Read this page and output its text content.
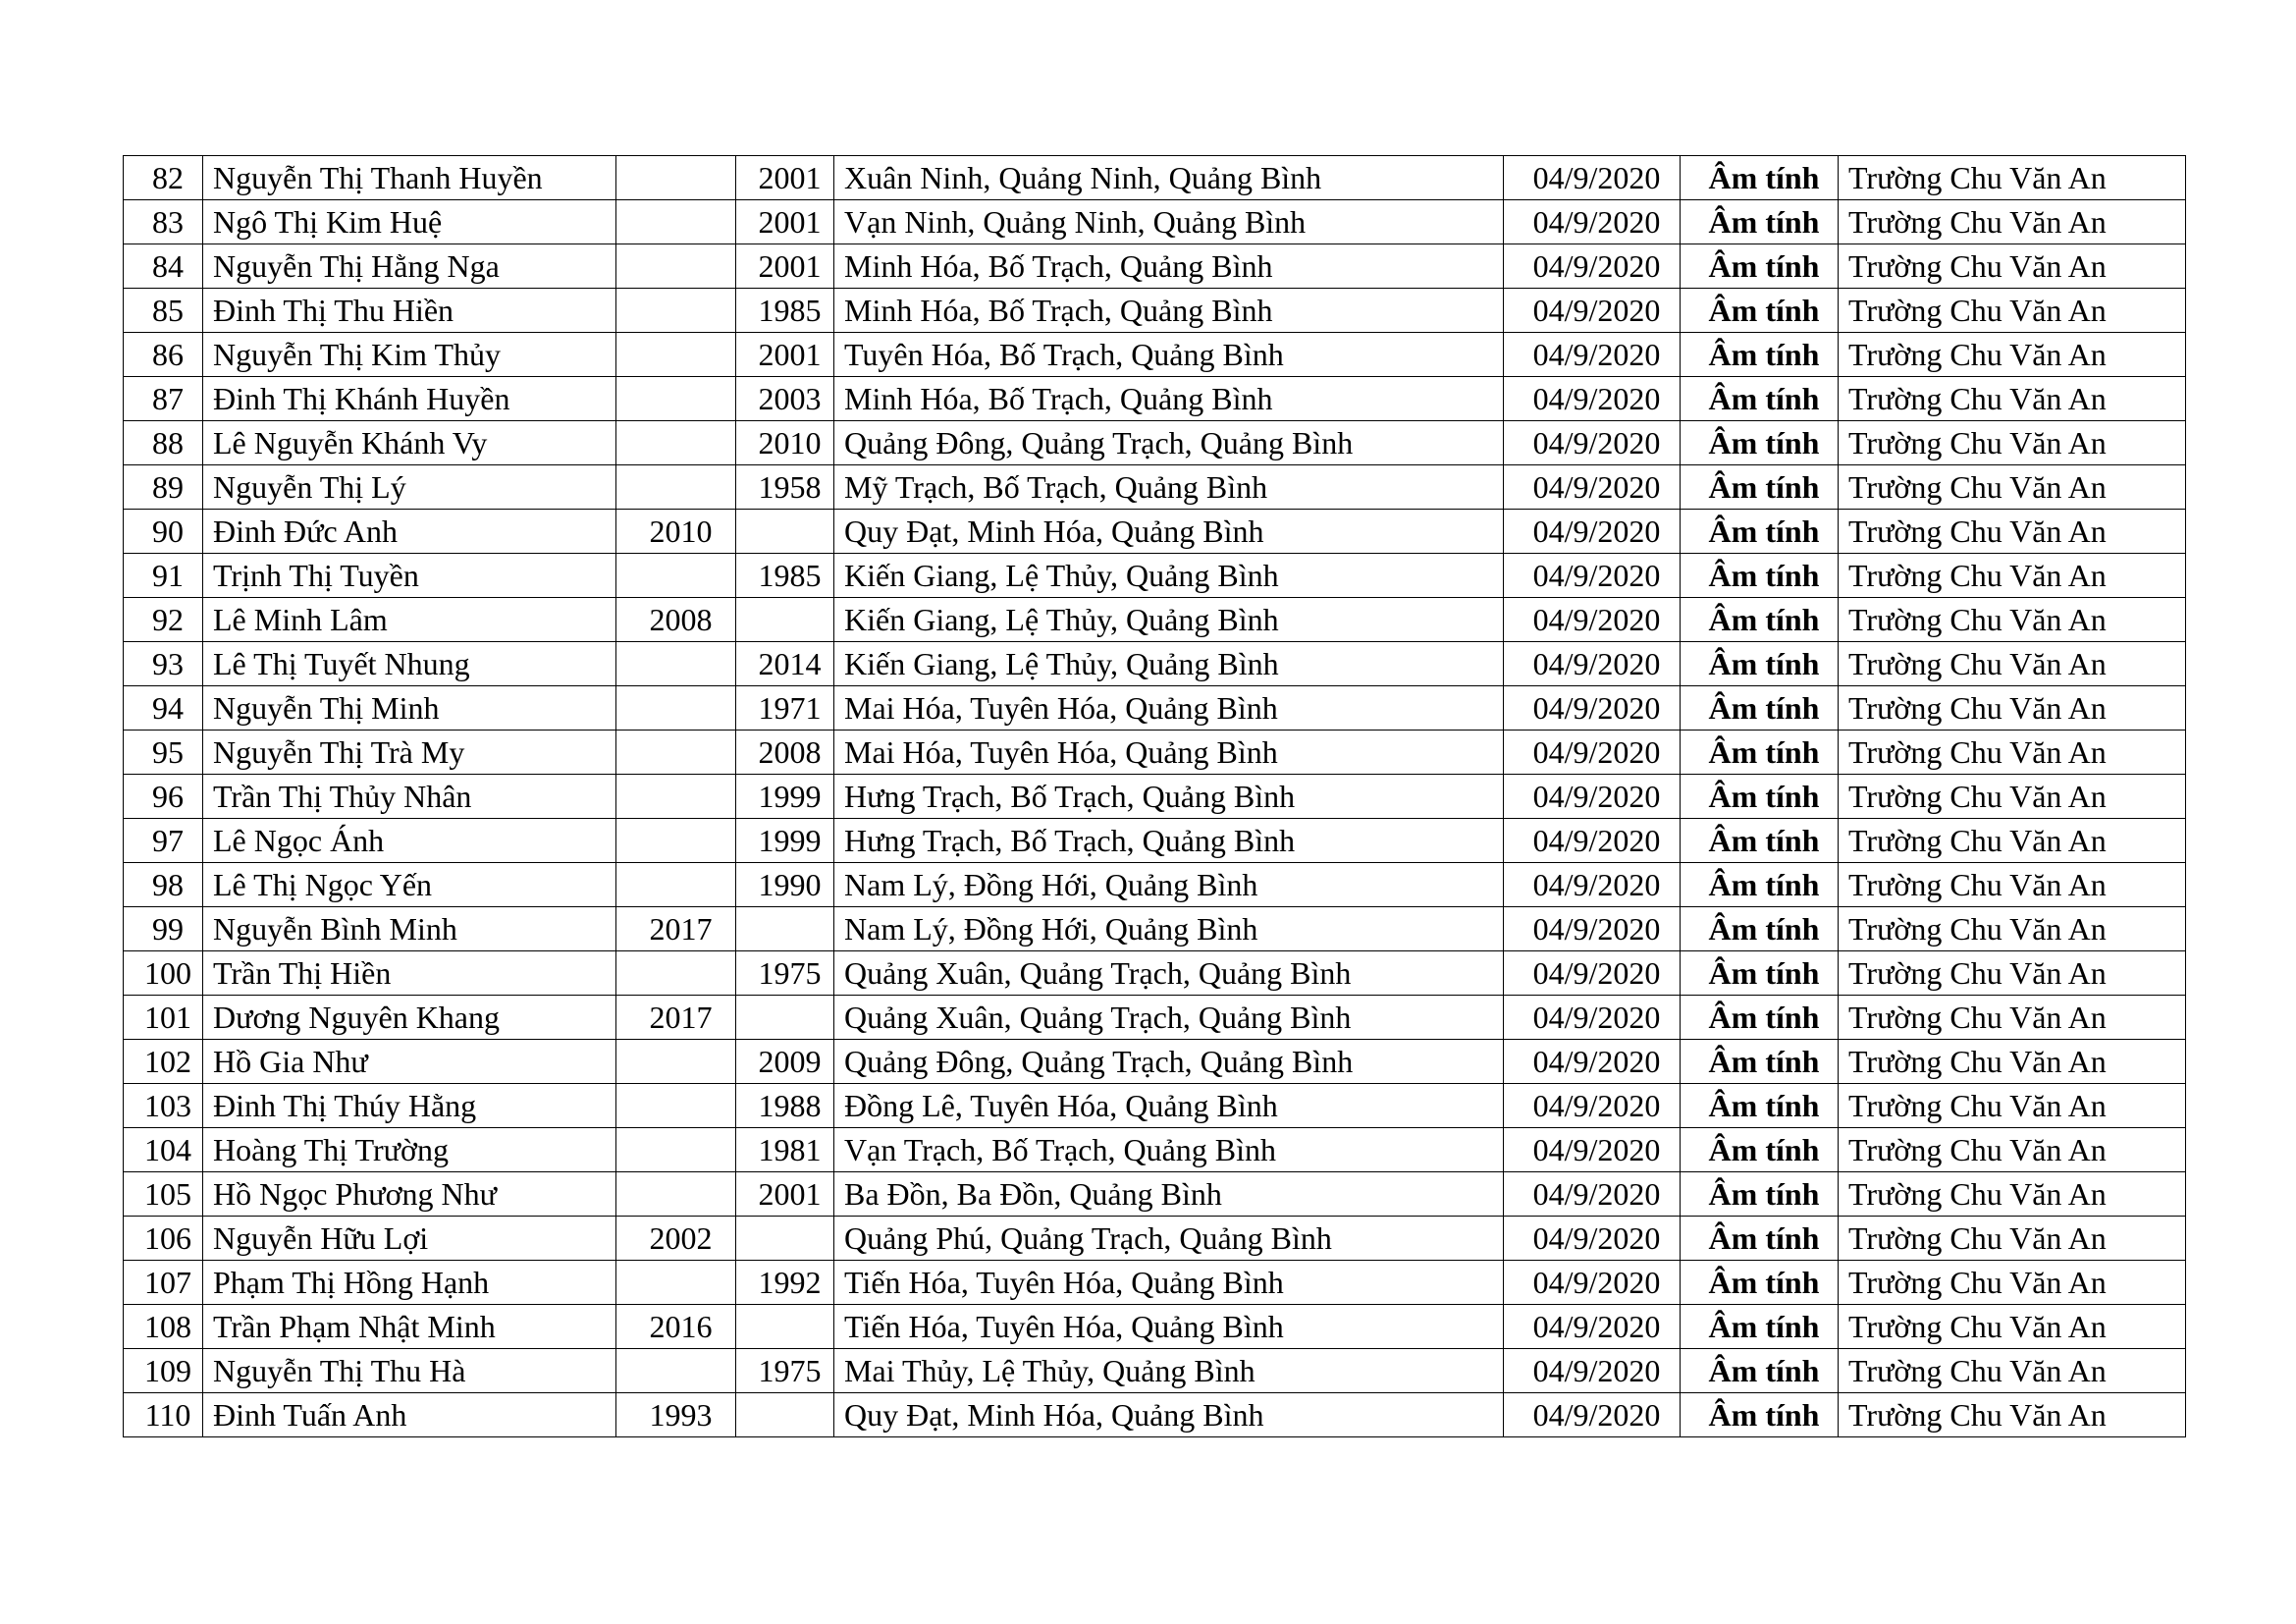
82	Nguyễn Thị Thanh Huyền		2001	Xuân Ninh, Quảng Ninh, Quảng Bình	04/9/2020	Âm tính	Trường Chu Văn An
83	Ngô Thị Kim Huệ		2001	Vạn Ninh, Quảng Ninh, Quảng Bình	04/9/2020	Âm tính	Trường Chu Văn An
84	Nguyễn Thị Hằng Nga		2001	Minh Hóa, Bố Trạch, Quảng Bình	04/9/2020	Âm tính	Trường Chu Văn An
85	Đinh Thị Thu Hiền		1985	Minh Hóa, Bố Trạch, Quảng Bình	04/9/2020	Âm tính	Trường Chu Văn An
86	Nguyễn Thị Kim Thủy		2001	Tuyên Hóa, Bố Trạch, Quảng Bình	04/9/2020	Âm tính	Trường Chu Văn An
87	Đinh Thị Khánh Huyền		2003	Minh Hóa, Bố Trạch, Quảng Bình	04/9/2020	Âm tính	Trường Chu Văn An
88	Lê Nguyễn Khánh Vy		2010	Quảng Đông, Quảng Trạch, Quảng Bình	04/9/2020	Âm tính	Trường Chu Văn An
89	Nguyễn Thị Lý		1958	Mỹ Trạch, Bố Trạch, Quảng Bình	04/9/2020	Âm tính	Trường Chu Văn An
90	Đinh Đức Anh	2010		Quy Đạt, Minh Hóa, Quảng Bình	04/9/2020	Âm tính	Trường Chu Văn An
91	Trịnh Thị Tuyền		1985	Kiến Giang, Lệ Thủy, Quảng Bình	04/9/2020	Âm tính	Trường Chu Văn An
92	Lê Minh Lâm	2008		Kiến Giang, Lệ Thủy, Quảng Bình	04/9/2020	Âm tính	Trường Chu Văn An
93	Lê Thị Tuyết Nhung		2014	Kiến Giang, Lệ Thủy, Quảng Bình	04/9/2020	Âm tính	Trường Chu Văn An
94	Nguyễn Thị Minh		1971	Mai Hóa, Tuyên Hóa, Quảng Bình	04/9/2020	Âm tính	Trường Chu Văn An
95	Nguyễn Thị Trà My		2008	Mai Hóa, Tuyên Hóa, Quảng Bình	04/9/2020	Âm tính	Trường Chu Văn An
96	Trần Thị Thủy Nhân		1999	Hưng Trạch, Bố Trạch, Quảng Bình	04/9/2020	Âm tính	Trường Chu Văn An
97	Lê Ngọc Ánh		1999	Hưng Trạch, Bố Trạch, Quảng Bình	04/9/2020	Âm tính	Trường Chu Văn An
98	Lê Thị Ngọc Yến		1990	Nam Lý, Đồng Hới, Quảng Bình	04/9/2020	Âm tính	Trường Chu Văn An
99	Nguyễn Bình Minh	2017		Nam Lý, Đồng Hới, Quảng Bình	04/9/2020	Âm tính	Trường Chu Văn An
100	Trần Thị Hiền		1975	Quảng Xuân, Quảng Trạch, Quảng Bình	04/9/2020	Âm tính	Trường Chu Văn An
101	Dương Nguyên Khang	2017		Quảng Xuân, Quảng Trạch, Quảng Bình	04/9/2020	Âm tính	Trường Chu Văn An
102	Hồ Gia Như		2009	Quảng Đông, Quảng Trạch, Quảng Bình	04/9/2020	Âm tính	Trường Chu Văn An
103	Đinh Thị Thúy Hằng		1988	Đồng Lê, Tuyên Hóa, Quảng Bình	04/9/2020	Âm tính	Trường Chu Văn An
104	Hoàng Thị Trường		1981	Vạn Trạch, Bố Trạch, Quảng Bình	04/9/2020	Âm tính	Trường Chu Văn An
105	Hồ Ngọc Phương Như		2001	Ba Đồn, Ba Đồn, Quảng Bình	04/9/2020	Âm tính	Trường Chu Văn An
106	Nguyễn Hữu Lợi	2002		Quảng Phú, Quảng Trạch, Quảng Bình	04/9/2020	Âm tính	Trường Chu Văn An
107	Phạm Thị Hồng Hạnh		1992	Tiến Hóa, Tuyên Hóa, Quảng Bình	04/9/2020	Âm tính	Trường Chu Văn An
108	Trần Phạm Nhật Minh	2016		Tiến Hóa, Tuyên Hóa, Quảng Bình	04/9/2020	Âm tính	Trường Chu Văn An
109	Nguyễn Thị Thu Hà		1975	Mai Thủy, Lệ Thủy, Quảng Bình	04/9/2020	Âm tính	Trường Chu Văn An
110	Đinh Tuấn Anh	1993		Quy Đạt, Minh Hóa, Quảng Bình	04/9/2020	Âm tính	Trường Chu Văn An
